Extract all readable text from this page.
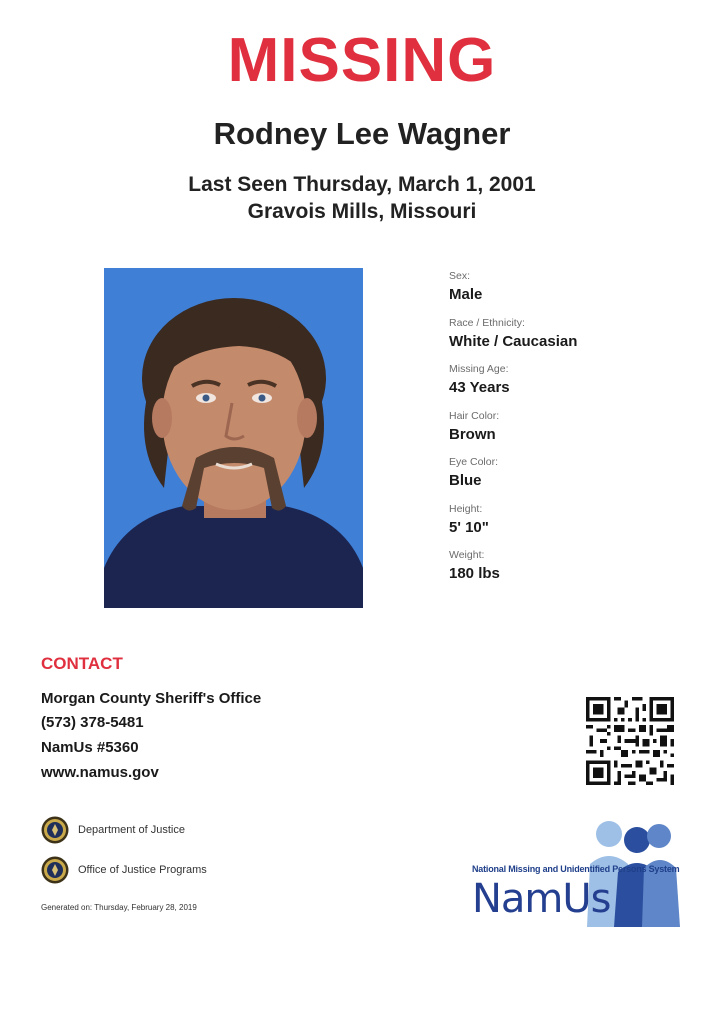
MISSING
Rodney Lee Wagner
Last Seen Thursday, March 1, 2001
Gravois Mills, Missouri
Sex:
Male
Race / Ethnicity:
White / Caucasian
Missing Age:
43 Years
Hair Color:
Brown
Eye Color:
Blue
Height:
5' 10"
Weight:
180 lbs
CONTACT
Morgan County Sheriff's Office
(573) 378-5481
NamUs #5360
www.namus.gov
Department of Justice
Office of Justice Programs
Generated on: Thursday, February 28, 2019
National Missing and Unidentified Persons System
NamUs
